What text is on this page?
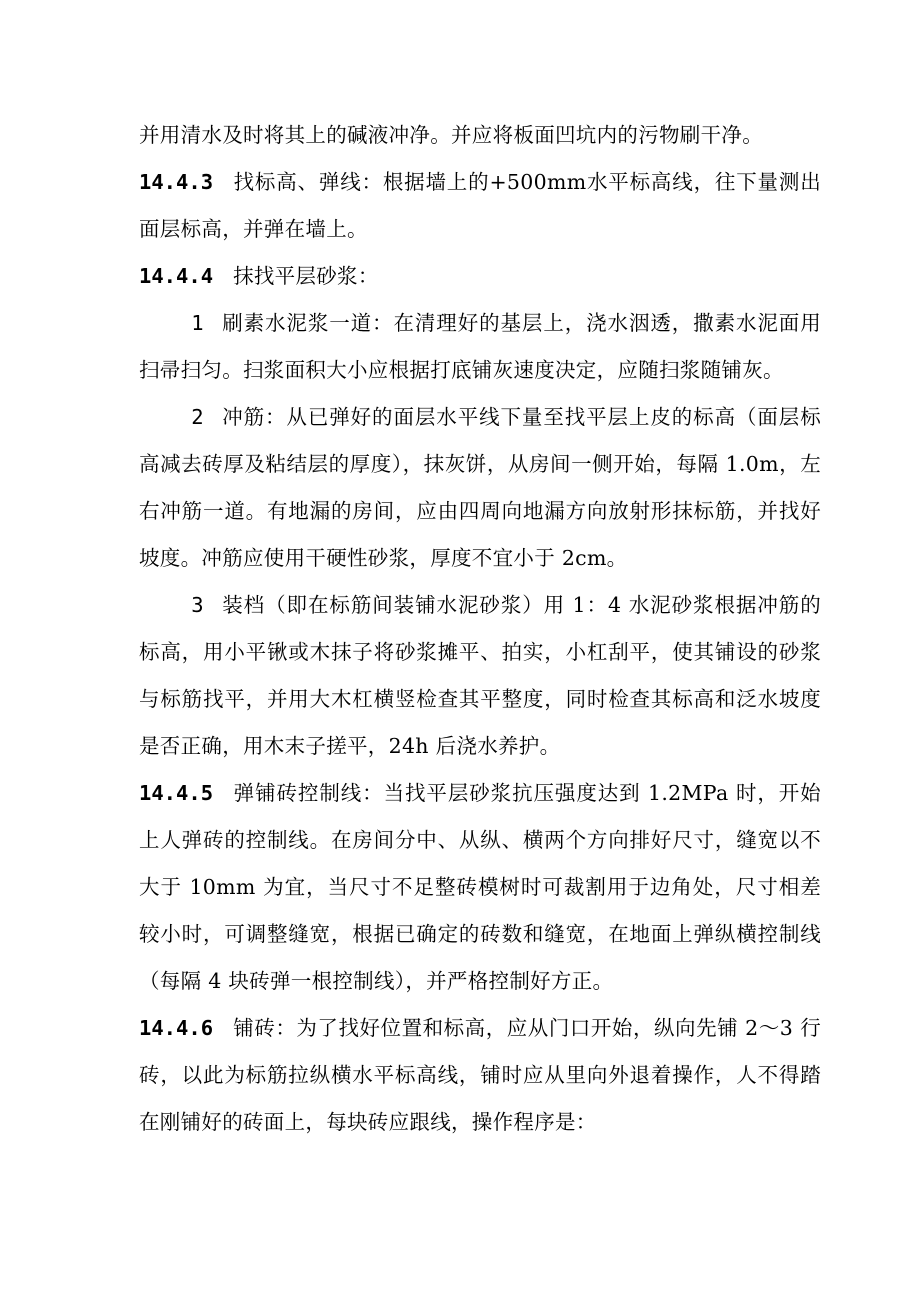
并用清水及时将其上的碱液冲净。并应将板面凹坑内的污物刷干净。

14.4.3 找标高、弹线：根据墙上的+500mm水平标高线，往下量测出面层标高，并弹在墙上。

14.4.4 抹找平层砂浆：

1 刷素水泥浆一道：在清理好的基层上，浇水洇透，撒素水泥面用扫帚扫匀。扫浆面积大小应根据打底铺灰速度决定，应随扫浆随铺灰。

2 冲筋：从已弹好的面层水平线下量至找平层上皮的标高（面层标高减去砖厚及粘结层的厚度），抹灰饼，从房间一侧开始，每隔 1.0m，左右冲筋一道。有地漏的房间，应由四周向地漏方向放射形抹标筋，并找好坡度。冲筋应使用干硬性砂浆，厚度不宜小于 2cm。

3 装档（即在标筋间装铺水泥砂浆）用 1：4 水泥砂浆根据冲筋的标高，用小平锹或木抹子将砂浆摊平、拍实，小杠刮平，使其铺设的砂浆与标筋找平，并用大木杠横竖检查其平整度，同时检查其标高和泛水坡度是否正确，用木末子搓平，24h 后浇水养护。

14.4.5 弹铺砖控制线：当找平层砂浆抗压强度达到 1.2MPa 时，开始上人弹砖的控制线。在房间分中、从纵、横两个方向排好尺寸，缝宽以不大于 10mm 为宜，当尺寸不足整砖模树时可裁割用于边角处，尺寸相差较小时，可调整缝宽，根据已确定的砖数和缝宽，在地面上弹纵横控制线（每隔 4 块砖弹一根控制线），并严格控制好方正。

14.4.6 铺砖：为了找好位置和标高，应从门口开始，纵向先铺 2～3 行砖，以此为标筋拉纵横水平标高线，铺时应从里向外退着操作，人不得踏在刚铺好的砖面上，每块砖应跟线，操作程序是：
